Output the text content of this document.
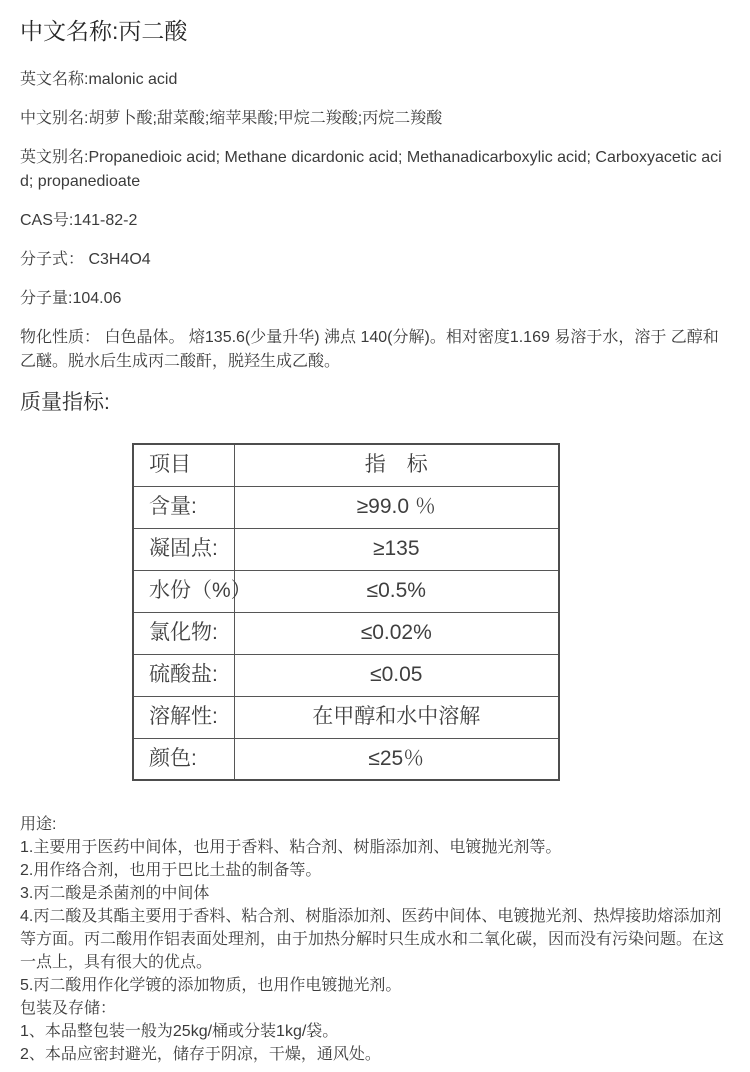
中文名称:丙二酸

英文名称:malonic acid

中文别名:胡萝卜酸;甜菜酸;缩苹果酸;甲烷二羧酸;丙烷二羧酸

英文别名:Propanedioic acid; Methane dicardonic acid; Methanadicarboxylic acid; Carboxyacetic acid; propanedioate

CAS号:141-82-2

分子式： C3H4O4

分子量:104.06

物化性质： 白色晶体。 熔135.6(少量升华) 沸点 140(分解)。相对密度1.169 易溶于水，溶于 乙醇和乙醚。脱水后生成丙二酸酐，脱羟生成乙酸。

质量指标:
项目	指　标
含量:	≥99.0 ％
凝固点:	≥135
水份（%）	≤0.5%
氯化物:	≤0.02%
硫酸盐:	≤0.05
溶解性:	在甲醇和水中溶解
颜色:	≤25％

用途:

1.主要用于医药中间体，也用于香料、粘合剂、树脂添加剂、电镀抛光剂等。

2.用作络合剂，也用于巴比土盐的制备等。

3.丙二酸是杀菌剂的中间体

4.丙二酸及其酯主要用于香料、粘合剂、树脂添加剂、医药中间体、电镀抛光剂、热焊接助熔添加剂等方面。丙二酸用作铝表面处理剂，由于加热分解时只生成水和二氧化碳，因而没有污染问题。在这一点上，具有很大的优点。

5.丙二酸用作化学镀的添加物质，也用作电镀抛光剂。

包装及存储：

1、本品整包装一般为25kg/桶或分装1kg/袋。

2、本品应密封避光，储存于阴凉，干燥，通风处。
